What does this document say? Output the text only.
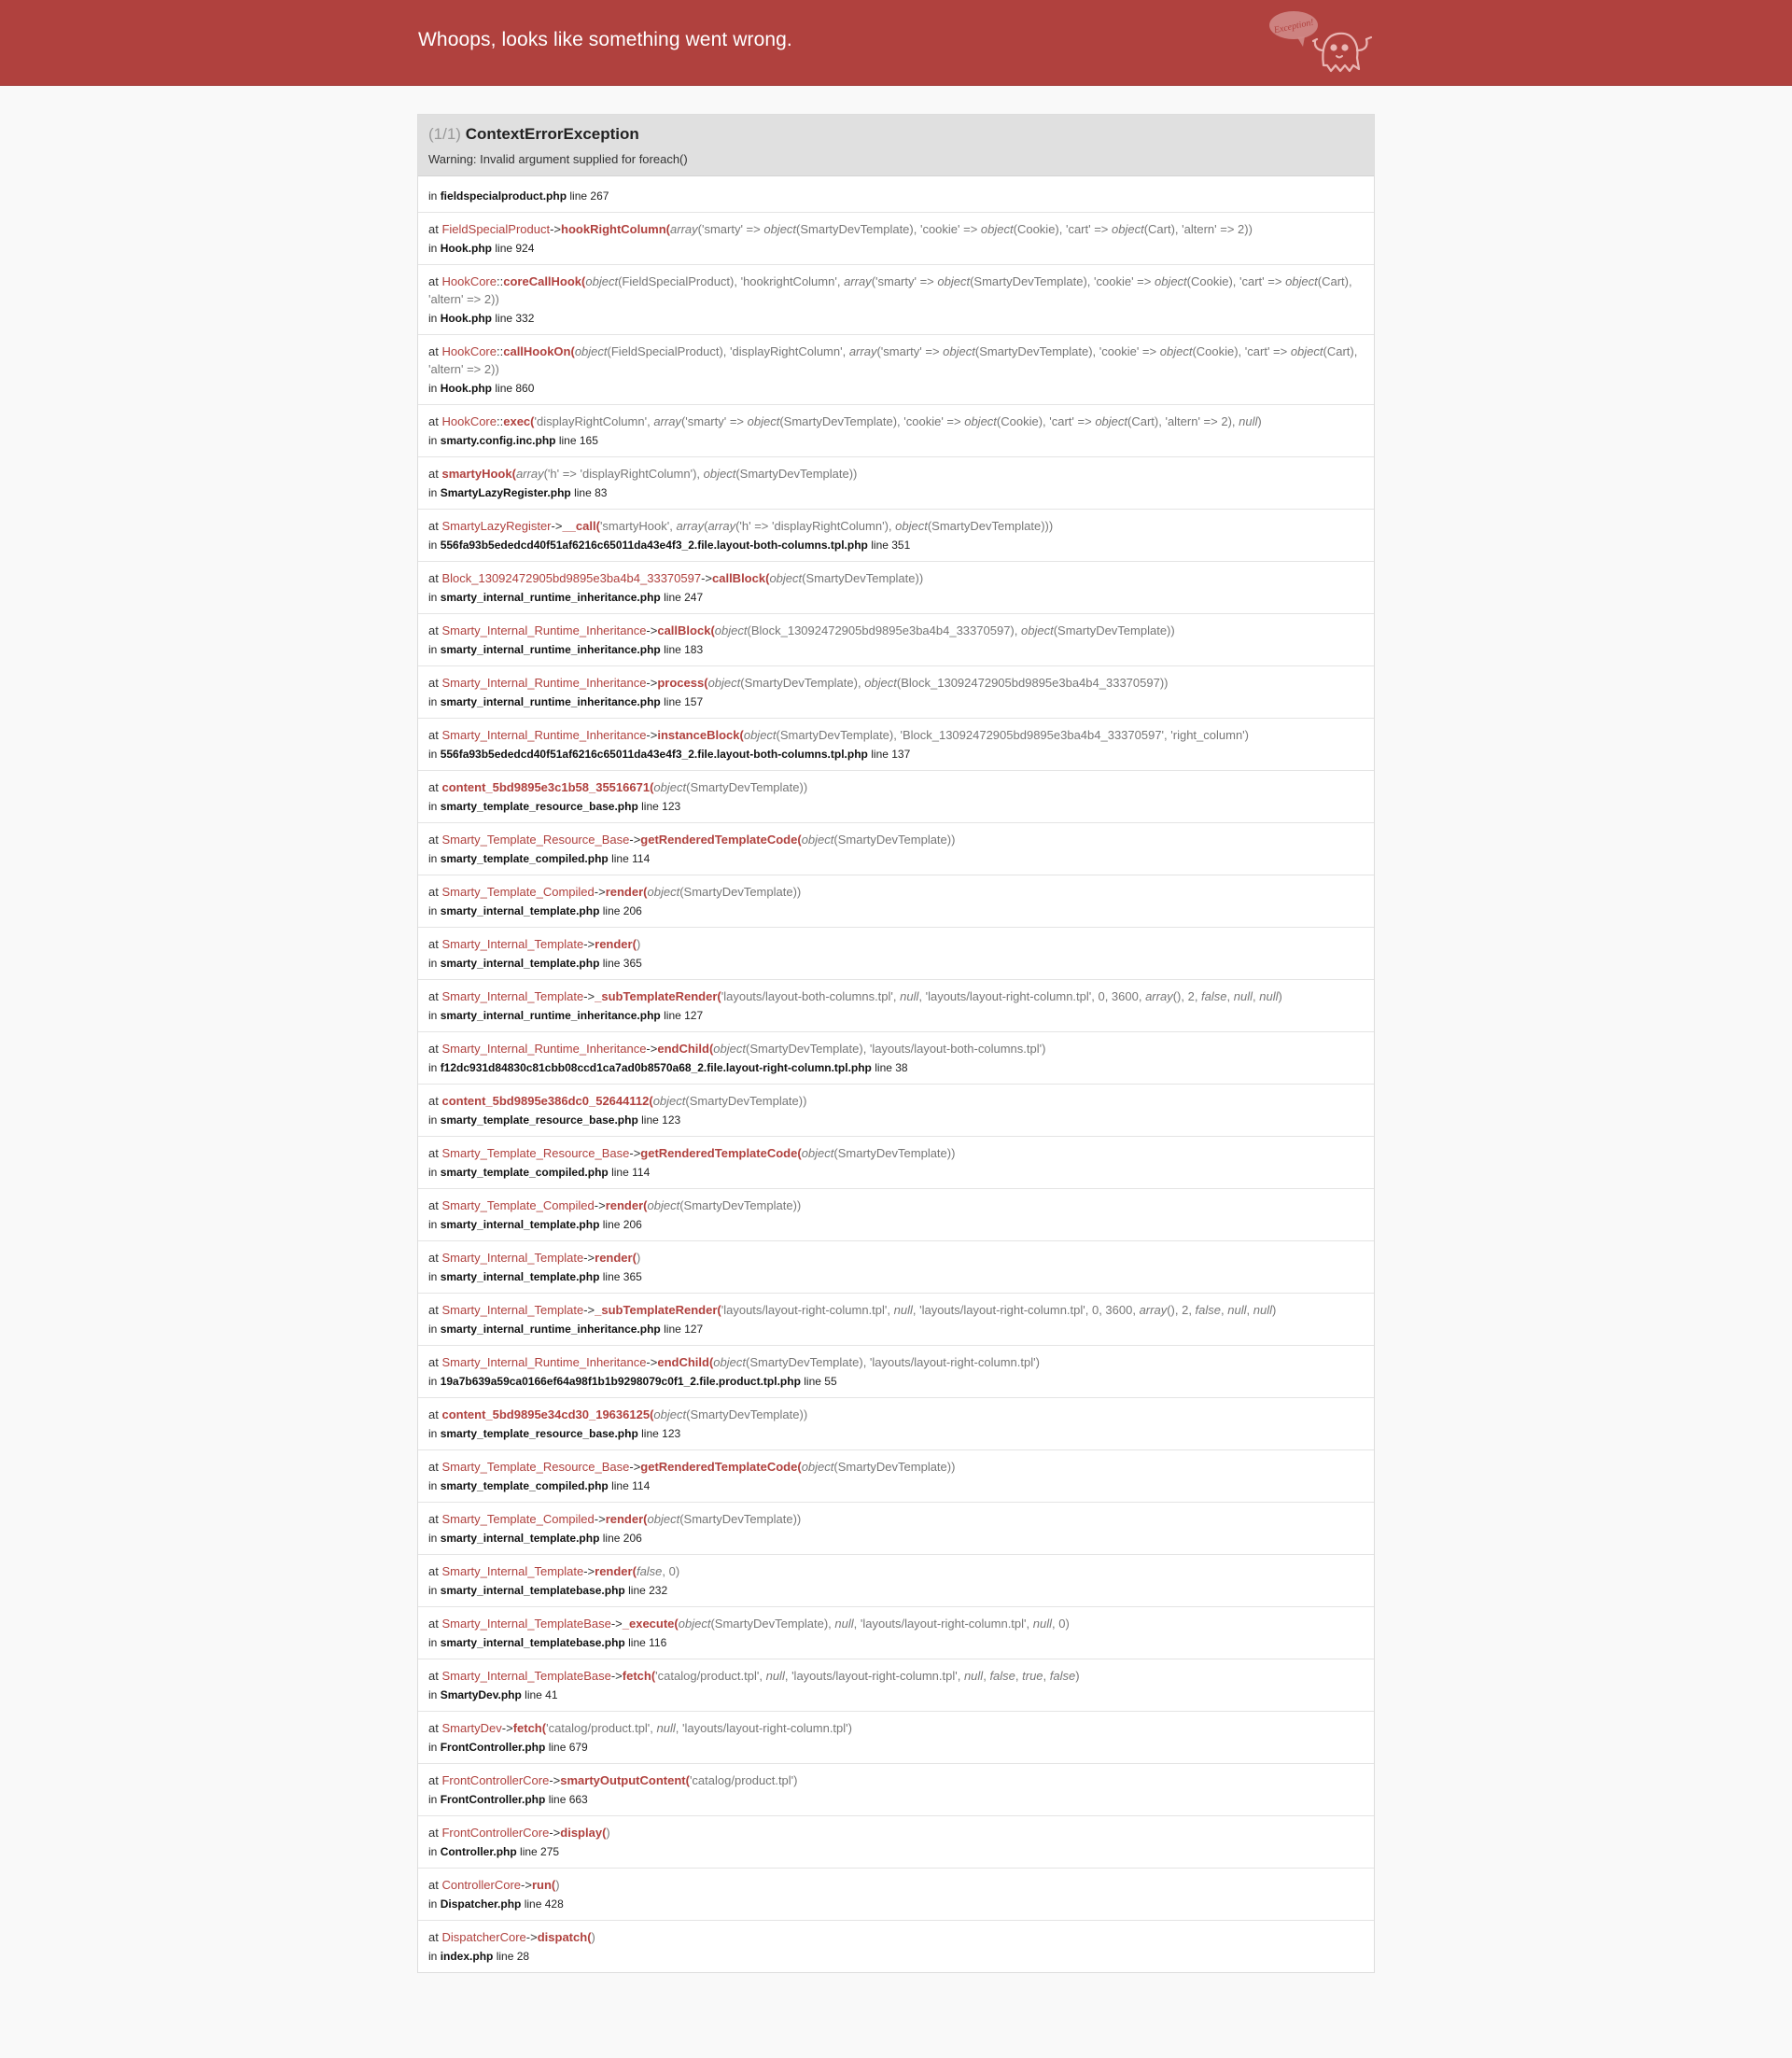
Whoops, looks like something went wrong.
Exception!
(1/1) ContextErrorException
Warning: Invalid argument supplied for foreach()
in fieldspecialproduct.php line 267
at FieldSpecialProduct->hookRightColumn(array('smarty' => object(SmartyDevTemplate), 'cookie' => object(Cookie), 'cart' => object(Cart), 'altern' => 2))
in Hook.php line 924
at HookCore::coreCallHook(object(FieldSpecialProduct), 'hookrightColumn', array('smarty' => object(SmartyDevTemplate), 'cookie' => object(Cookie), 'cart' => object(Cart), 'altern' => 2))
in Hook.php line 332
at HookCore::callHookOn(object(FieldSpecialProduct), 'displayRightColumn', array('smarty' => object(SmartyDevTemplate), 'cookie' => object(Cookie), 'cart' => object(Cart), 'altern' => 2))
in Hook.php line 860
at HookCore::exec('displayRightColumn', array('smarty' => object(SmartyDevTemplate), 'cookie' => object(Cookie), 'cart' => object(Cart), 'altern' => 2), null)
in smarty.config.inc.php line 165
at smartyHook(array('h' => 'displayRightColumn'), object(SmartyDevTemplate))
in SmartyLazyRegister.php line 83
at SmartyLazyRegister->__call('smartyHook', array(array('h' => 'displayRightColumn'), object(SmartyDevTemplate)))
in 556fa93b5ededcd40f51af6216c65011da43e4f3_2.file.layout-both-columns.tpl.php line 351
at Block_13092472905bd9895e3ba4b4_33370597->callBlock(object(SmartyDevTemplate))
in smarty_internal_runtime_inheritance.php line 247
at Smarty_Internal_Runtime_Inheritance->callBlock(object(Block_13092472905bd9895e3ba4b4_33370597), object(SmartyDevTemplate))
in smarty_internal_runtime_inheritance.php line 183
at Smarty_Internal_Runtime_Inheritance->process(object(SmartyDevTemplate), object(Block_13092472905bd9895e3ba4b4_33370597))
in smarty_internal_runtime_inheritance.php line 157
at Smarty_Internal_Runtime_Inheritance->instanceBlock(object(SmartyDevTemplate), 'Block_13092472905bd9895e3ba4b4_33370597', 'right_column')
in 556fa93b5ededcd40f51af6216c65011da43e4f3_2.file.layout-both-columns.tpl.php line 137
at content_5bd9895e3c1b58_35516671(object(SmartyDevTemplate))
in smarty_template_resource_base.php line 123
at Smarty_Template_Resource_Base->getRenderedTemplateCode(object(SmartyDevTemplate))
in smarty_template_compiled.php line 114
at Smarty_Template_Compiled->render(object(SmartyDevTemplate))
in smarty_internal_template.php line 206
at Smarty_Internal_Template->render()
in smarty_internal_template.php line 365
at Smarty_Internal_Template->_subTemplateRender('layouts/layout-both-columns.tpl', null, 'layouts/layout-right-column.tpl', 0, 3600, array(), 2, false, null, null)
in smarty_internal_runtime_inheritance.php line 127
at Smarty_Internal_Runtime_Inheritance->endChild(object(SmartyDevTemplate), 'layouts/layout-both-columns.tpl')
in f12dc931d84830c81cbb08ccd1ca7ad0b8570a68_2.file.layout-right-column.tpl.php line 38
at content_5bd9895e386dc0_52644112(object(SmartyDevTemplate))
in smarty_template_resource_base.php line 123
at Smarty_Template_Resource_Base->getRenderedTemplateCode(object(SmartyDevTemplate))
in smarty_template_compiled.php line 114
at Smarty_Template_Compiled->render(object(SmartyDevTemplate))
in smarty_internal_template.php line 206
at Smarty_Internal_Template->render()
in smarty_internal_template.php line 365
at Smarty_Internal_Template->_subTemplateRender('layouts/layout-right-column.tpl', null, 'layouts/layout-right-column.tpl', 0, 3600, array(), 2, false, null, null)
in smarty_internal_runtime_inheritance.php line 127
at Smarty_Internal_Runtime_Inheritance->endChild(object(SmartyDevTemplate), 'layouts/layout-right-column.tpl')
in 19a7b639a59ca0166ef64a98f1b1b9298079c0f1_2.file.product.tpl.php line 55
at content_5bd9895e34cd30_19636125(object(SmartyDevTemplate))
in smarty_template_resource_base.php line 123
at Smarty_Template_Resource_Base->getRenderedTemplateCode(object(SmartyDevTemplate))
in smarty_template_compiled.php line 114
at Smarty_Template_Compiled->render(object(SmartyDevTemplate))
in smarty_internal_template.php line 206
at Smarty_Internal_Template->render(false, 0)
in smarty_internal_templatebase.php line 232
at Smarty_Internal_TemplateBase->_execute(object(SmartyDevTemplate), null, 'layouts/layout-right-column.tpl', null, 0)
in smarty_internal_templatebase.php line 116
at Smarty_Internal_TemplateBase->fetch('catalog/product.tpl', null, 'layouts/layout-right-column.tpl', null, false, true, false)
in SmartyDev.php line 41
at SmartyDev->fetch('catalog/product.tpl', null, 'layouts/layout-right-column.tpl')
in FrontController.php line 679
at FrontControllerCore->smartyOutputContent('catalog/product.tpl')
in FrontController.php line 663
at FrontControllerCore->display()
in Controller.php line 275
at ControllerCore->run()
in Dispatcher.php line 428
at DispatcherCore->dispatch()
in index.php line 28
